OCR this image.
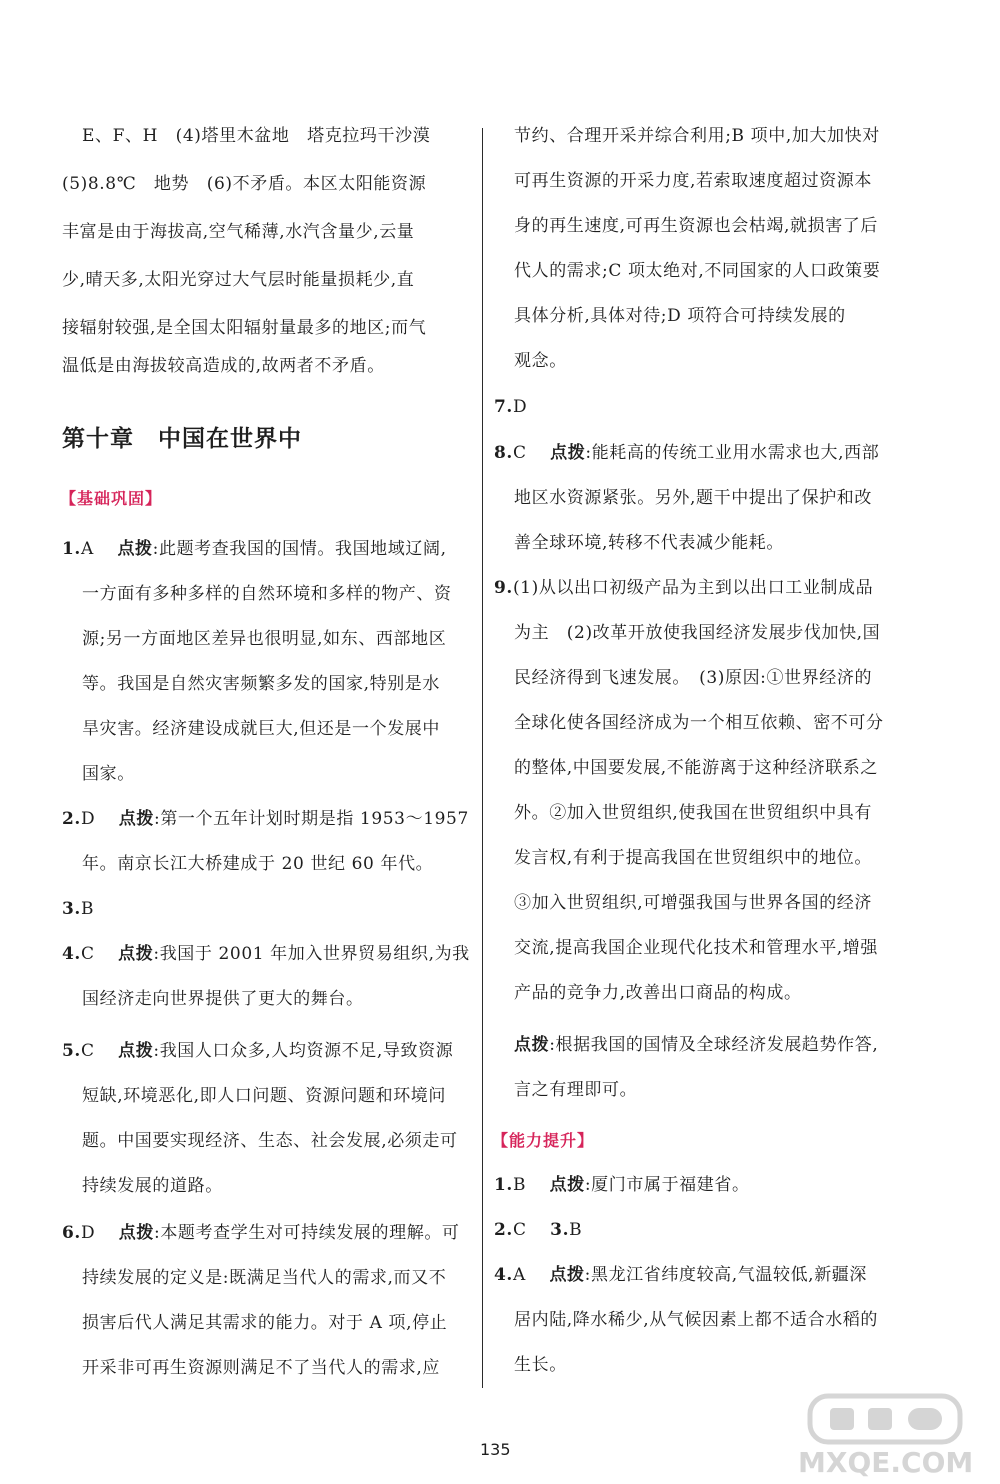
E、F、H　(4)塔里木盆地　塔克拉玛干沙漠
(5)8.8℃　地势　(6)不矛盾。本区太阳能资源
丰富是由于海拔高,空气稀薄,水汽含量少,云量
少,晴天多,太阳光穿过大气层时能量损耗少,直
接辐射较强,是全国太阳辐射量最多的地区;而气
温低是由海拔较高造成的,故两者不矛盾。
第十章　中国在世界中
【基础巩固】
1.A　 点拨:此题考查我国的国情。我国地域辽阔,
一方面有多种多样的自然环境和多样的物产、资
源;另一方面地区差异也很明显,如东、西部地区
等。我国是自然灾害频繁多发的国家,特别是水
旱灾害。经济建设成就巨大,但还是一个发展中
国家。
2.D　 点拨:第一个五年计划时期是指 1953～1957
年。南京长江大桥建成于 20 世纪 60 年代。
3.B
4.C　 点拨:我国于 2001 年加入世界贸易组织,为我
国经济走向世界提供了更大的舞台。
5.C　 点拨:我国人口众多,人均资源不足,导致资源
短缺,环境恶化,即人口问题、资源问题和环境问
题。中国要实现经济、生态、社会发展,必须走可
持续发展的道路。
6.D　 点拨:本题考查学生对可持续发展的理解。可
持续发展的定义是:既满足当代人的需求,而又不
损害后代人满足其需求的能力。对于 A 项,停止
开采非可再生资源则满足不了当代人的需求,应
节约、合理开采并综合利用;B 项中,加大加快对
可再生资源的开采力度,若索取速度超过资源本
身的再生速度,可再生资源也会枯竭,就损害了后
代人的需求;C 项太绝对,不同国家的人口政策要
具体分析,具体对待;D 项符合可持续发展的
观念。
7.D
8.C　 点拨:能耗高的传统工业用水需求也大,西部
地区水资源紧张。另外,题干中提出了保护和改
善全球环境,转移不代表减少能耗。
9.(1)从以出口初级产品为主到以出口工业制成品
为主　(2)改革开放使我国经济发展步伐加快,国
民经济得到飞速发展。　(3)原因:①世界经济的
全球化使各国经济成为一个相互依赖、密不可分
的整体,中国要发展,不能游离于这种经济联系之
外。②加入世贸组织,使我国在世贸组织中具有
发言权,有利于提高我国在世贸组织中的地位。
③加入世贸组织,可增强我国与世界各国的经济
交流,提高我国企业现代化技术和管理水平,增强
产品的竞争力,改善出口商品的构成。
点拨:根据我国的国情及全球经济发展趋势作答,
言之有理即可。
【能力提升】
1.B　 点拨:厦门市属于福建省。
2.C　 3.B
4.A　 点拨:黑龙江省纬度较高,气温较低,新疆深
居内陆,降水稀少,从气候因素上都不适合水稻的
生长。
135	MXQE.COM
